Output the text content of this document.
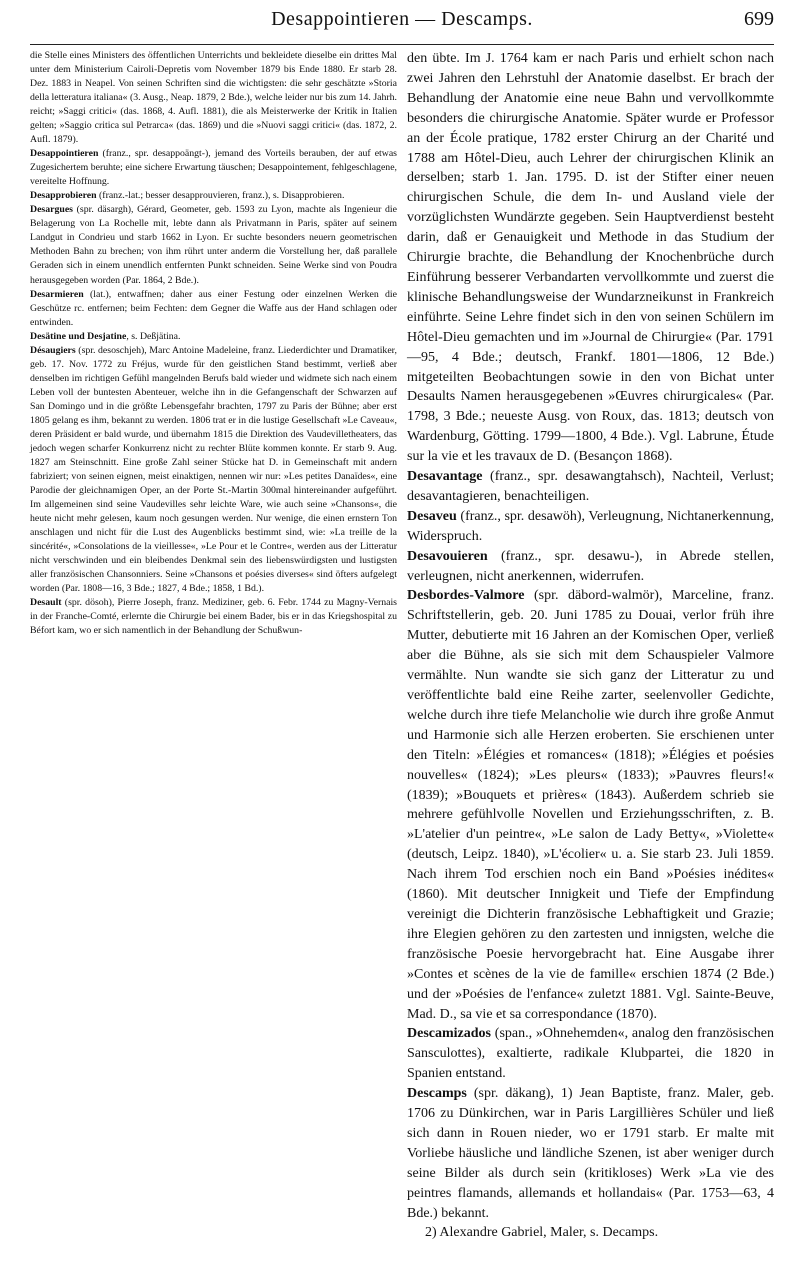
Desappointieren — Descamps.	699

die Stelle eines Ministers des öffentlichen Unterrichts und bekleidete dieselbe ein drittes Mal unter dem Ministerium Cairoli-Depretis vom November 1879 bis Ende 1880. Er starb 28. Dez. 1883 in Neapel. Von seinen Schriften sind die wichtigsten: die sehr geschätzte »Storia della letteratura italiana« (3. Ausg., Neap. 1879, 2 Bde.), welche leider nur bis zum 14. Jahrh. reicht; »Saggi critici« (das. 1868, 4. Aufl. 1881), die als Meisterwerke der Kritik in Italien gelten; »Saggio critica sul Petrarca« (das. 1869) und die »Nuovi saggi critici« (das. 1872, 2. Aufl. 1879).

Desappointieren (franz., spr. desappoängt-), jemand des Vorteils berauben, der auf etwas Zugesichertem beruhte; eine sichere Erwartung täuschen; Desappointement, fehlgeschlagene, vereitelte Hoffnung.

Desapprobieren (franz.-lat.; besser desapprouvieren, franz.), s. Disapprobieren.

Desargues (spr. däsargh), Gérard, Geometer, geb. 1593 zu Lyon, machte als Ingenieur die Belagerung von La Rochelle mit, lebte dann als Privatmann in Paris, später auf seinem Landgut in Condrieu und starb 1662 in Lyon. Er suchte besonders neuern geometrischen Methoden Bahn zu brechen; von ihm rührt unter anderm die Vorstellung her, daß parallele Geraden sich in einem unendlich entfernten Punkt schneiden. Seine Werke sind von Poudra herausgegeben worden (Par. 1864, 2 Bde.).

Desarmieren (lat.), entwaffnen; daher aus einer Festung oder einzelnen Werken die Geschütze rc. entfernen; beim Fechten: dem Gegner die Waffe aus der Hand schlagen oder entwinden.

Desätine und Desjatine, s. Deßjätina.

Désaugiers (spr. desoschjeh), Marc Antoine Madeleine, franz. Liederdichter und Dramatiker, geb. 17. Nov. 1772 zu Fréjus, wurde für den geistlichen Stand bestimmt, verließ aber denselben im richtigen Gefühl mangelnden Berufs bald wieder und widmete sich nach einem Leben voll der buntesten Abenteuer, welche ihn in die Gefangenschaft der Schwarzen auf San Domingo und in die größte Lebensgefahr brachten, 1797 zu Paris der Bühne; aber erst 1805 gelang es ihm, bekannt zu werden. 1806 trat er in die lustige Gesellschaft »Le Caveau«, deren Präsident er bald wurde, und übernahm 1815 die Direktion des Vaudevilletheaters, das jedoch wegen scharfer Konkurrenz nicht zu rechter Blüte kommen konnte. Er starb 9. Aug. 1827 am Steinschnitt. Eine große Zahl seiner Stücke hat D. in Gemeinschaft mit andern fabriziert; von seinen eignen, meist einaktigen, nennen wir nur: »Les petites Danaïdes«, eine Parodie der gleichnamigen Oper, an der Porte St.-Martin 300mal hintereinander aufgeführt. Im allgemeinen sind seine Vaudevilles sehr leichte Ware, wie auch seine »Chansons«, die heute nicht mehr gelesen, kaum noch gesungen werden. Nur wenige, die einen ernstern Ton anschlagen und nicht für die Lust des Augenblicks bestimmt sind, wie: »La treille de la sincérité«, »Consolations de la vieillesse«, »Le Pour et le Contre«, werden aus der Litteratur nicht verschwinden und ein bleibendes Denkmal sein des liebenswürdigsten und lustigsten aller französischen Chansonniers. Seine »Chansons et poésies diverses« sind öfters aufgelegt worden (Par. 1808—16, 3 Bde.; 1827, 4 Bde.; 1858, 1 Bd.).

Desault (spr. dösoh), Pierre Joseph, franz. Mediziner, geb. 6. Febr. 1744 zu Magny-Vernais in der Franche-Comté, erlernte die Chirurgie bei einem Bader, bis er in das Kriegshospital zu Béfort kam, wo er sich namentlich in der Behandlung der Schußwun-

den übte. Im J. 1764 kam er nach Paris und erhielt schon nach zwei Jahren den Lehrstuhl der Anatomie daselbst. Er brach der Behandlung der Anatomie eine neue Bahn und vervollkommte besonders die chirurgische Anatomie. Später wurde er Professor an der École pratique, 1782 erster Chirurg an der Charité und 1788 am Hôtel-Dieu, auch Lehrer der chirurgischen Klinik an derselben; starb 1. Jan. 1795. D. ist der Stifter einer neuen chirurgischen Schule, die dem In- und Ausland viele der vorzüglichsten Wundärzte gegeben. Sein Hauptverdienst besteht darin, daß er Genauigkeit und Methode in das Studium der Chirurgie brachte, die Behandlung der Knochenbrüche durch Einführung besserer Verbandarten vervollkommte und zuerst die klinische Behandlungsweise der Wundarzneikunst in Frankreich einführte. Seine Lehre findet sich in den von seinen Schülern im Hôtel-Dieu gemachten und im »Journal de Chirurgie« (Par. 1791—95, 4 Bde.; deutsch, Frankf. 1801—1806, 12 Bde.) mitgeteilten Beobachtungen sowie in den von Bichat unter Desaults Namen herausgegebenen »Œuvres chirurgicales« (Par. 1798, 3 Bde.; neueste Ausg. von Roux, das. 1813; deutsch von Wardenburg, Götting. 1799—1800, 4 Bde.). Vgl. Labrune, Étude sur la vie et les travaux de D. (Besançon 1868).

Desavantage (franz., spr. desawangtahsch), Nachteil, Verlust; desavantagieren, benachteiligen.

Desaveu (franz., spr. desawöh), Verleugnung, Nichtanerkennung, Widerspruch.

Desavouieren (franz., spr. desawu-), in Abrede stellen, verleugnen, nicht anerkennen, widerrufen.

Desbordes-Valmore (spr. däbord-walmör), Marceline, franz. Schriftstellerin, geb. 20. Juni 1785 zu Douai, verlor früh ihre Mutter, debutierte mit 16 Jahren an der Komischen Oper, verließ aber die Bühne, als sie sich mit dem Schauspieler Valmore vermählte. Nun wandte sie sich ganz der Litteratur zu und veröffentlichte bald eine Reihe zarter, seelenvoller Gedichte, welche durch ihre tiefe Melancholie wie durch ihre große Anmut und Harmonie sich alle Herzen eroberten. Sie erschienen unter den Titeln: »Élégies et romances« (1818); »Élégies et poésies nouvelles« (1824); »Les pleurs« (1833); »Pauvres fleurs!« (1839); »Bouquets et prières« (1843). Außerdem schrieb sie mehrere gefühlvolle Novellen und Erziehungsschriften, z. B. »L'atelier d'un peintre«, »Le salon de Lady Betty«, »Violette« (deutsch, Leipz. 1840), »L'écolier« u. a. Sie starb 23. Juli 1859. Nach ihrem Tod erschien noch ein Band »Poésies inédites« (1860). Mit deutscher Innigkeit und Tiefe der Empfindung vereinigt die Dichterin französische Lebhaftigkeit und Grazie; ihre Elegien gehören zu den zartesten und innigsten, welche die französische Poesie hervorgebracht hat. Eine Ausgabe ihrer »Contes et scènes de la vie de famille« erschien 1874 (2 Bde.) und der »Poésies de l'enfance« zuletzt 1881. Vgl. Sainte-Beuve, Mad. D., sa vie et sa correspondance (1870).

Descamizados (span., »Ohnehemden«, analog den französischen Sansculottes), exaltierte, radikale Klubpartei, die 1820 in Spanien entstand.

Descamps (spr. däkang), 1) Jean Baptiste, franz. Maler, geb. 1706 zu Dünkirchen, war in Paris Largillières Schüler und ließ sich dann in Rouen nieder, wo er 1791 starb. Er malte mit Vorliebe häusliche und ländliche Szenen, ist aber weniger durch seine Bilder als durch sein (kritikloses) Werk »La vie des peintres flamands, allemands et hollandais« (Par. 1753—63, 4 Bde.) bekannt.

2) Alexandre Gabriel, Maler, s. Decamps.
